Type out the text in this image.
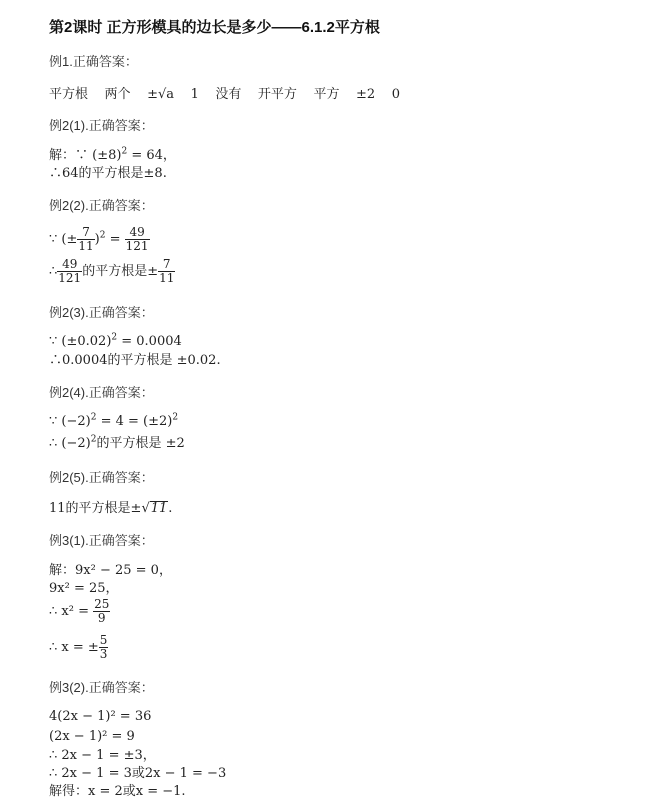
第2课时 正方形模具的边长是多少——6.1.2平方根
例1.正确答案：
平方根 两个 ±√a 1 没有 开平方 平方 ±2 0
例2(1).正确答案：
解：∵ $(\pm 8)^2 = 64$，
∴64的平方根是±8.
例2(2).正确答案：
∵ (± $\frac{7}{11} )^2 = \frac{49}{121}$
∴ $\frac{49}{121}$ 的平方根是± $\frac{7}{11}$
例2(3).正确答案：
∵ $(\pm 0.02)^2 = 0.0004$
∴0.0004的平方根是 ±0.02.
例2(4).正确答案：
∵ $(-2)^2 = 4 = (\pm 2)^2$
∴ $(-2)^2$的平方根是 ±2
例2(5).正确答案：
11的平方根是±√11.
例3(1).正确答案：
解：9x² − 25 = 0，
9x² = 25，
∴ $x^2 = \frac{25}{9}$
∴ x = ± $\frac{5}{3}$
例3(2).正确答案：
4(2x − 1)² = 36
(2x − 1)² = 9
∴ 2x − 1 = ±3，
∴ 2x − 1 = 3或2x − 1 = −3
解得：x = 2或x = −1.
